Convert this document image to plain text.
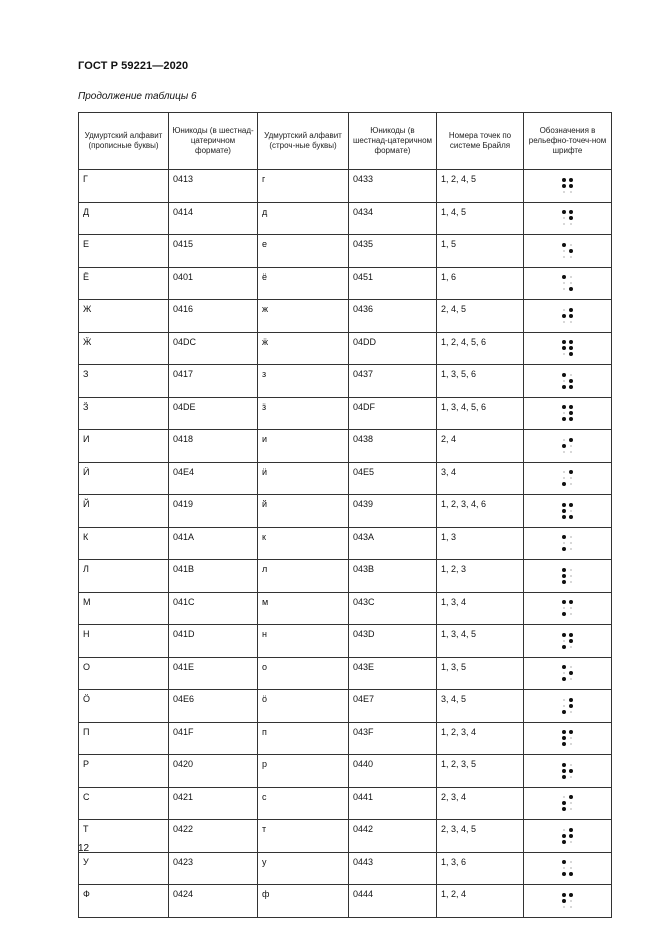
ГОСТ Р 59221—2020
Продолжение таблицы 6
Удмуртский алфавит (прописные буквы)	Юникоды (в шестнад-цатеричном формате)	Удмуртский алфавит (строч-ные буквы)	Юникоды (в шестнад-цатеричном формате)	Номера точек по системе Брайля	Обозначения в рельефно-точеч-ном шрифте
Г	0413	г	0433	1, 2, 4, 5	

Д	0414	д	0434	1, 4, 5	

Е	0415	е	0435	1, 5	

Ё	0401	ё	0451	1, 6	

Ж	0416	ж	0436	2, 4, 5	

Ӝ	04DC	ӝ	04DD	1, 2, 4, 5, 6	

З	0417	з	0437	1, 3, 5, 6	

Ӟ	04DE	ӟ	04DF	1, 3, 4, 5, 6	

И	0418	и	0438	2, 4	

Ӥ	04E4	ӥ	04E5	3, 4	

Й	0419	й	0439	1, 2, 3, 4, 6	

К	041A	к	043A	1, 3	

Л	041B	л	043B	1, 2, 3	

М	041C	м	043C	1, 3, 4	

Н	041D	н	043D	1, 3, 4, 5	

О	041E	о	043E	1, 3, 5	

Ӧ	04E6	ӧ	04E7	3, 4, 5	

П	041F	п	043F	1, 2, 3, 4	

Р	0420	р	0440	1, 2, 3, 5	

С	0421	с	0441	2, 3, 4	

Т	0422	т	0442	2, 3, 4, 5	

У	0423	у	0443	1, 3, 6	

Ф	0424	ф	0444	1, 2, 4	
12
